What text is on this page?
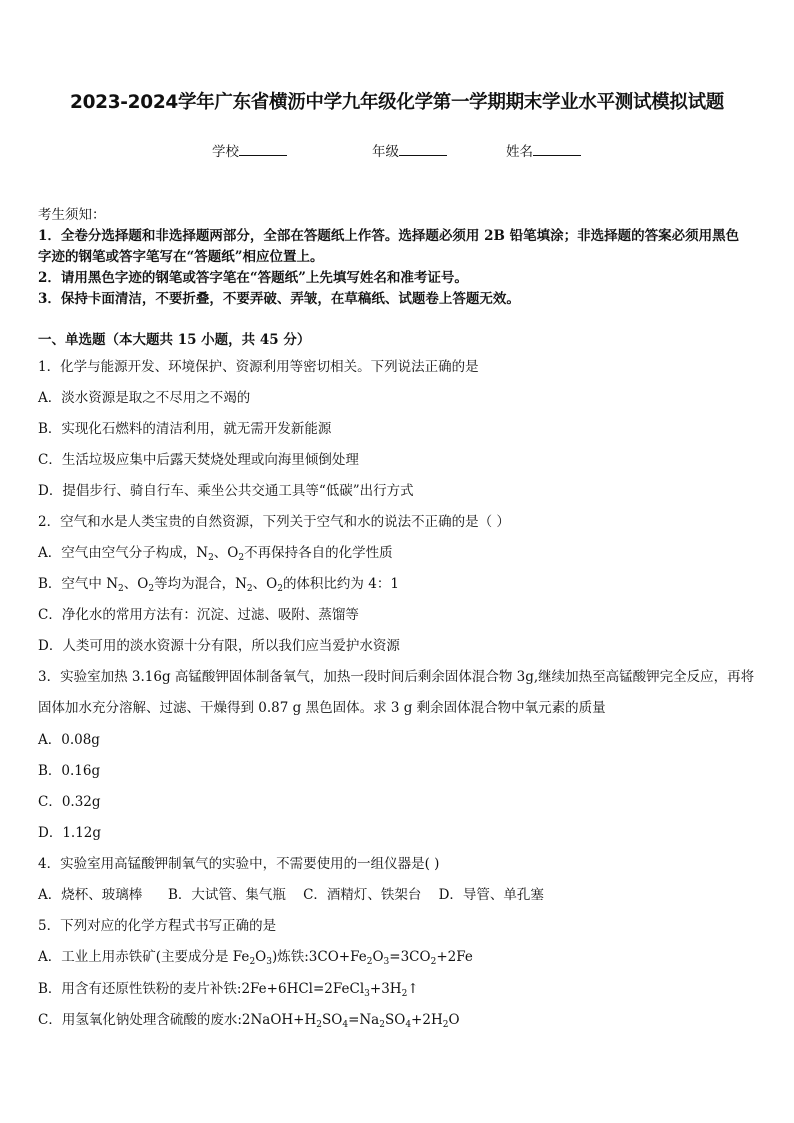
2023-2024学年广东省横沥中学九年级化学第一学期期末学业水平测试模拟试题
学校	年级	姓名
考生须知：
1．全卷分选择题和非选择题两部分，全部在答题纸上作答。选择题必须用 2B 铅笔填涂；非选择题的答案必须用黑色
字迹的钢笔或答字笔写在“答题纸”相应位置上。
2．请用黑色字迹的钢笔或答字笔在“答题纸”上先填写姓名和准考证号。
3．保持卡面清洁，不要折叠，不要弄破、弄皱，在草稿纸、试题卷上答题无效。
一、单选题（本大题共 15 小题，共 45 分）
1．化学与能源开发、环境保护、资源利用等密切相关。下列说法正确的是
A．淡水资源是取之不尽用之不竭的
B．实现化石燃料的清洁利用，就无需开发新能源
C．生活垃圾应集中后露天焚烧处理或向海里倾倒处理
D．提倡步行、骑自行车、乘坐公共交通工具等“低碳”出行方式
2．空气和水是人类宝贵的自然资源，下列关于空气和水的说法不正确的是（ ）
A．空气由空气分子构成，$N_2$、$O_2$不再保持各自的化学性质
B．空气中 $N_2$、$O_2$等均为混合，$N_2$、$O_2$的体积比约为 4：1
C．净化水的常用方法有：沉淀、过滤、吸附、蒸馏等
D．人类可用的淡水资源十分有限，所以我们应当爱护水资源
3．实验室加热 3.16g 高锰酸钾固体制备氧气，加热一段时间后剩余固体混合物 3g,继续加热至高锰酸钾完全反应，再将
固体加水充分溶解、过滤、干燥得到 0.87 g 黑色固体。求 3 g 剩余固体混合物中氧元素的质量
A．0.08g
B．0.16g
C．0.32g
D．1.12g
4．实验室用高锰酸钾制氧气的实验中，不需要使用的一组仪器是( )
A．烧杯、玻璃棒      B．大试管、集气瓶    C．酒精灯、铁架台    D．导管、单孔塞
5．下列对应的化学方程式书写正确的是
A．工业上用赤铁矿(主要成分是 $Fe_2O_3$)炼铁$:3CO+Fe_2O_3=3CO_2+2Fe$
B．用含有还原性铁粉的麦片补铁$:2Fe+6HCl=2FeCl_3+3H_2↑$
C．用氢氧化钠处理含硫酸的废水$:2NaOH+H_2SO_4=Na_2SO_4+2H_2O$
